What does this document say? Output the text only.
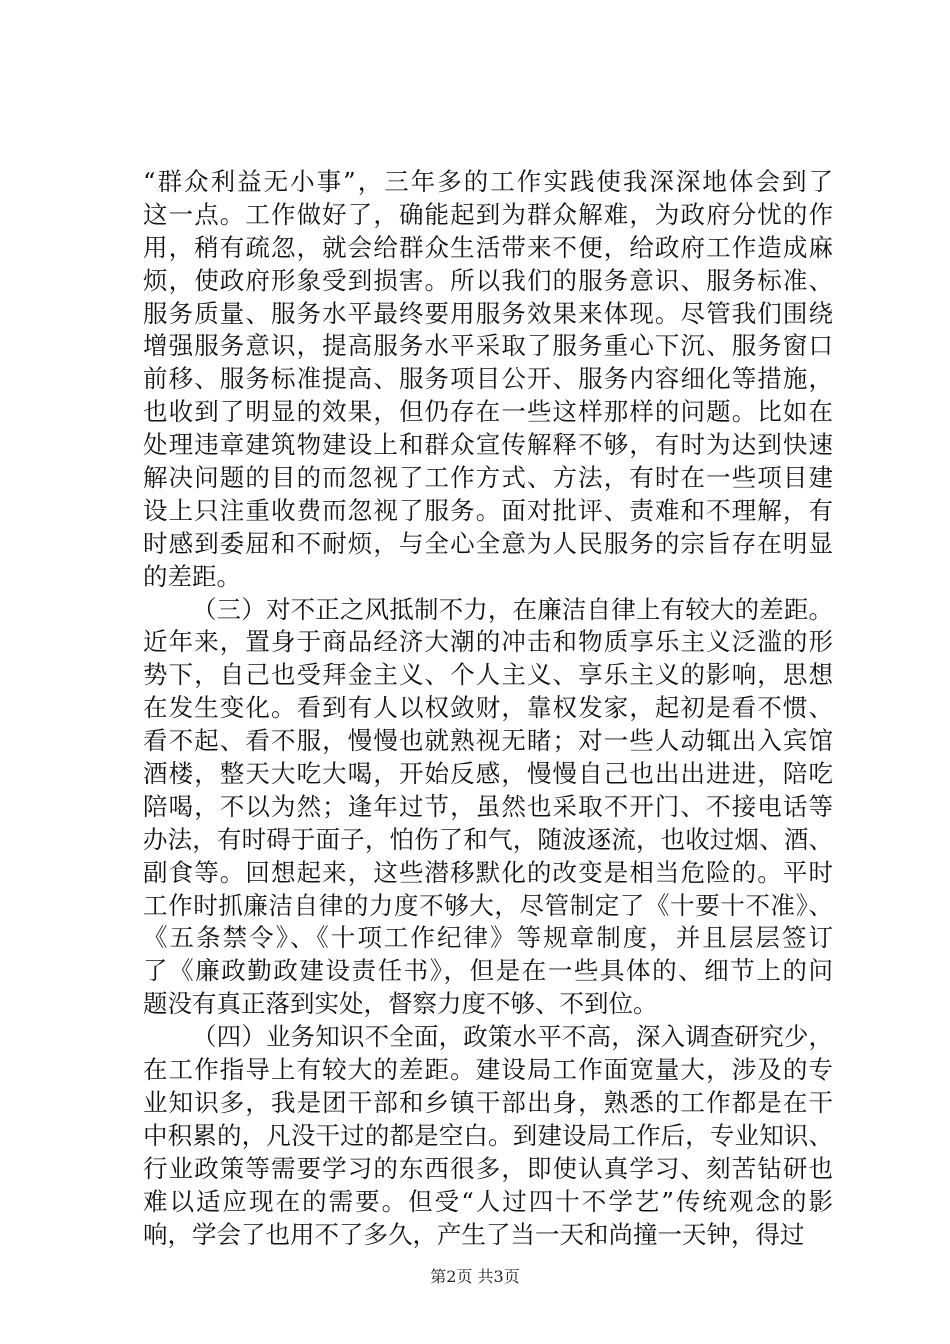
“群众利益无小事”，三年多的工作实践使我深深地体会到了
这一点。工作做好了，确能起到为群众解难，为政府分忧的作
用，稍有疏忽，就会给群众生活带来不便，给政府工作造成麻
烦，使政府形象受到损害。所以我们的服务意识、服务标准、
服务质量、服务水平最终要用服务效果来体现。尽管我们围绕
增强服务意识，提高服务水平采取了服务重心下沉、服务窗口
前移、服务标准提高、服务项目公开、服务内容细化等措施，
也收到了明显的效果，但仍存在一些这样那样的问题。比如在
处理违章建筑物建设上和群众宣传解释不够，有时为达到快速
解决问题的目的而忽视了工作方式、方法，有时在一些项目建
设上只注重收费而忽视了服务。面对批评、责难和不理解，有
时感到委屈和不耐烦，与全心全意为人民服务的宗旨存在明显
的差距。
（三）对不正之风抵制不力，在廉洁自律上有较大的差距。
近年来，置身于商品经济大潮的冲击和物质享乐主义泛滥的形
势下，自己也受拜金主义、个人主义、享乐主义的影响，思想
在发生变化。看到有人以权敛财，靠权发家，起初是看不惯、
看不起、看不服，慢慢也就熟视无睹；对一些人动辄出入宾馆
酒楼，整天大吃大喝，开始反感，慢慢自己也出出进进，陪吃
陪喝，不以为然；逢年过节，虽然也采取不开门、不接电话等
办法，有时碍于面子，怕伤了和气，随波逐流，也收过烟、酒、
副食等。回想起来，这些潜移默化的改变是相当危险的。平时
工作时抓廉洁自律的力度不够大，尽管制定了《十要十不准》、
《五条禁令》、《十项工作纪律》等规章制度，并且层层签订
了《廉政勤政建设责任书》，但是在一些具体的、细节上的问
题没有真正落到实处，督察力度不够、不到位。
（四）业务知识不全面，政策水平不高，深入调查研究少，
在工作指导上有较大的差距。建设局工作面宽量大，涉及的专
业知识多，我是团干部和乡镇干部出身，熟悉的工作都是在干
中积累的，凡没干过的都是空白。到建设局工作后，专业知识、
行业政策等需要学习的东西很多，即使认真学习、刻苦钻研也
难以适应现在的需要。但受“人过四十不学艺”传统观念的影
响，学会了也用不了多久，产生了当一天和尚撞一天钟，得过
第2页 共3页
